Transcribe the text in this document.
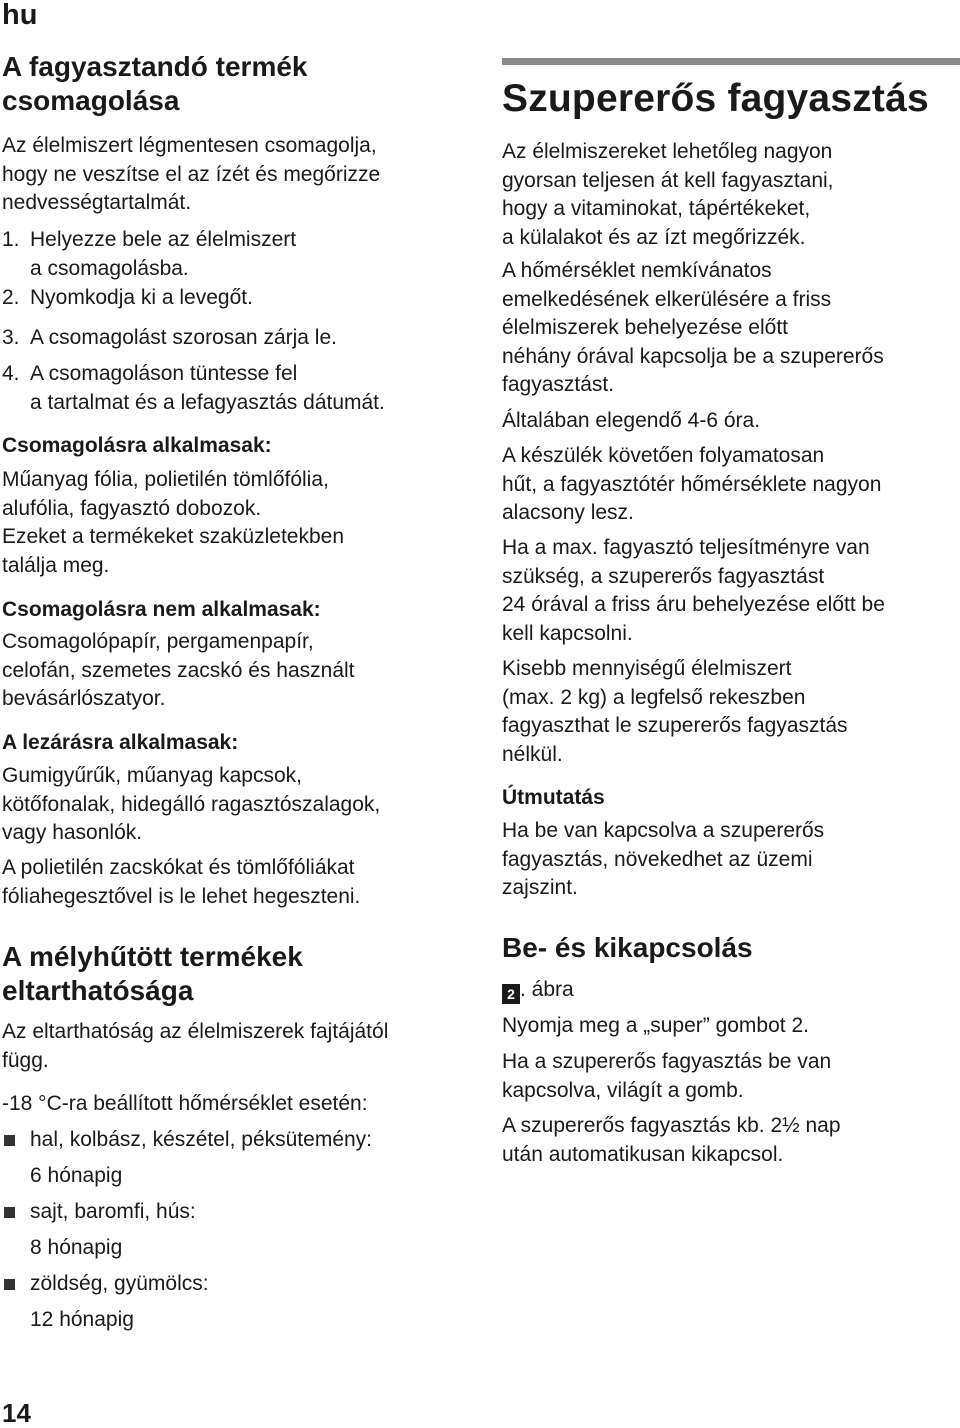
hu
A fagyasztandó termék
csomagolása
Az élelmiszert légmentesen csomagolja,
hogy ne veszítse el az ízét és megőrizze
nedvességtartalmát.
1. Helyezze bele az élelmiszert
a csomagolásba.
2. Nyomkodja ki a levegőt.
3. A csomagolást szorosan zárja le.
4. A csomagoláson tüntesse fel
a tartalmat és a lefagyasztás dátumát.
Csomagolásra alkalmasak:
Műanyag fólia, polietilén tömlőfólia,
alufólia, fagyasztó dobozok.
Ezeket a termékeket szaküzletekben
találja meg.
Csomagolásra nem alkalmasak:
Csomagolópapír, pergamenpapír,
celofán, szemetes zacskó és használt
bevásárlószatyor.
A lezárásra alkalmasak:
Gumigyűrűk, műanyag kapcsok,
kötőfonalak, hidegálló ragasztószalagok,
vagy hasonlók.
A polietilén zacskókat és tömlőfóliákat
fóliahegesztővel is le lehet hegeszteni.
A mélyhűtött termékek
eltarthatósága
Az eltarthatóság az élelmiszerek fajtájától
függ.
-18 °C-ra beállított hőmérséklet esetén:
hal, kolbász, készétel, péksütemény:
6 hónapig
sajt, baromfi, hús:
8 hónapig
zöldség, gyümölcs:
12 hónapig
Szupererős fagyasztás
Az élelmiszereket lehetőleg nagyon
gyorsan teljesen át kell fagyasztani,
hogy a vitaminokat, tápértékeket,
a külalakot és az ízt megőrizzék.
A hőmérséklet nemkívánatos
emelkedésének elkerülésére a friss
élelmiszerek behelyezése előtt
néhány órával kapcsolja be a szupererős
fagyasztást.
Általában elegendő 4-6 óra.
A készülék követően folyamatosan
hűt, a fagyasztótér hőmérséklete nagyon
alacsony lesz.
Ha a max. fagyasztó teljesítményre van
szükség, a szupererős fagyasztást
24 órával a friss áru behelyezése előtt be
kell kapcsolni.
Kisebb mennyiségű élelmiszert
(max. 2 kg) a legfelső rekeszben
fagyaszthat le szupererős fagyasztás
nélkül.
Útmutatás
Ha be van kapcsolva a szupererős
fagyasztás, növekedhet az üzemi
zajszint.
Be- és kikapcsolás
2 . ábra
Nyomja meg a „super” gombot 2.
Ha a szupererős fagyasztás be van
kapcsolva, világít a gomb.
A szupererős fagyasztás kb. 2½ nap
után automatikusan kikapcsol.
14
